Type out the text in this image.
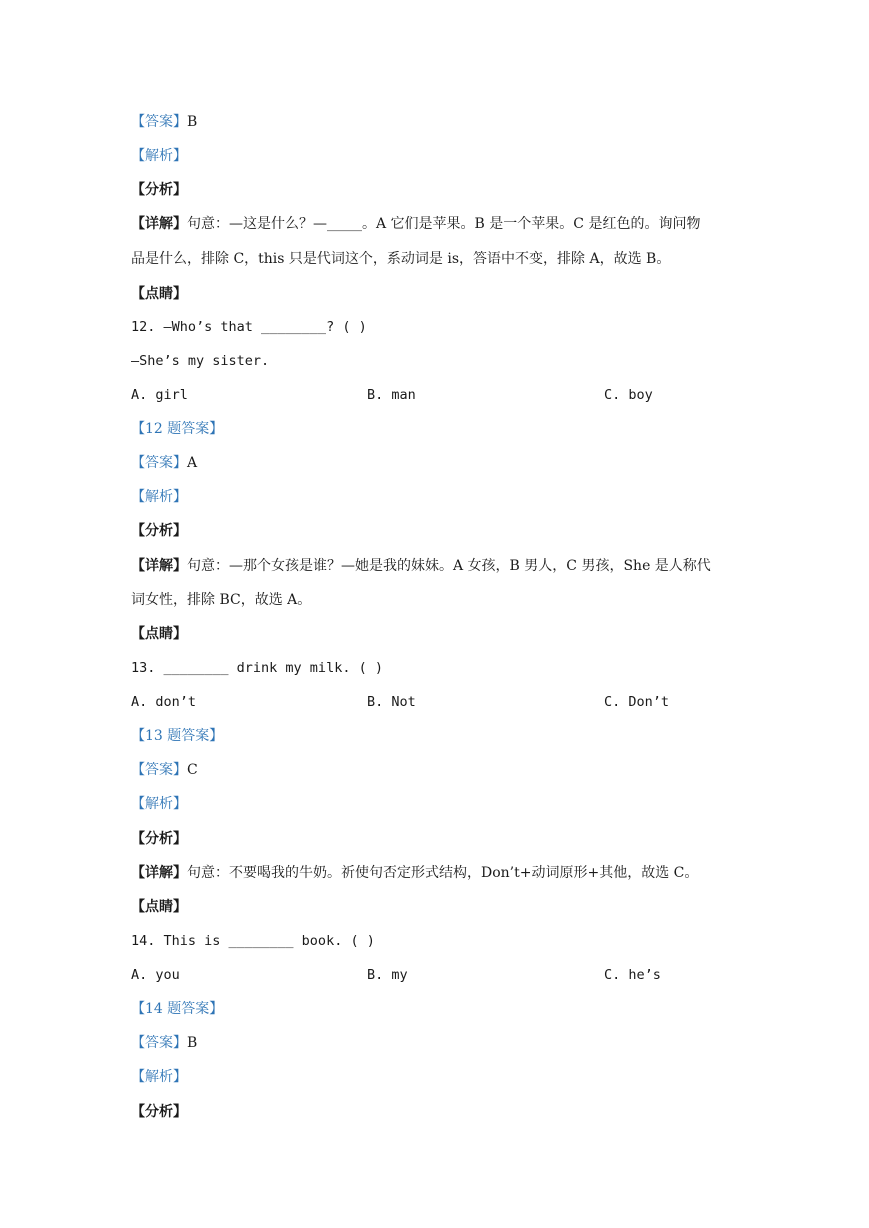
【答案】B
【解析】
【分析】
【详解】句意：—这是什么？—_____。A 它们是苹果。B 是一个苹果。C 是红色的。询问物
品是什么，排除 C，this 只是代词这个，系动词是 is，答语中不变，排除 A，故选 B。
【点睛】
12. —Who’s that ________? ( )
—She’s my sister.
A. girl	B. man	C. boy
【12 题答案】
【答案】A
【解析】
【分析】
【详解】句意：—那个女孩是谁？—她是我的妹妹。A 女孩，B 男人，C 男孩，She 是人称代
词女性，排除 BC，故选 A。
【点睛】
13. ________ drink my milk. ( )
A. don’t	B. Not	C. Don’t
【13 题答案】
【答案】C
【解析】
【分析】
【详解】句意：不要喝我的牛奶。祈使句否定形式结构，Don’t+动词原形+其他，故选 C。
【点睛】
14. This is ________ book. ( )
A. you	B. my	C. he’s
【14 题答案】
【答案】B
【解析】
【分析】
